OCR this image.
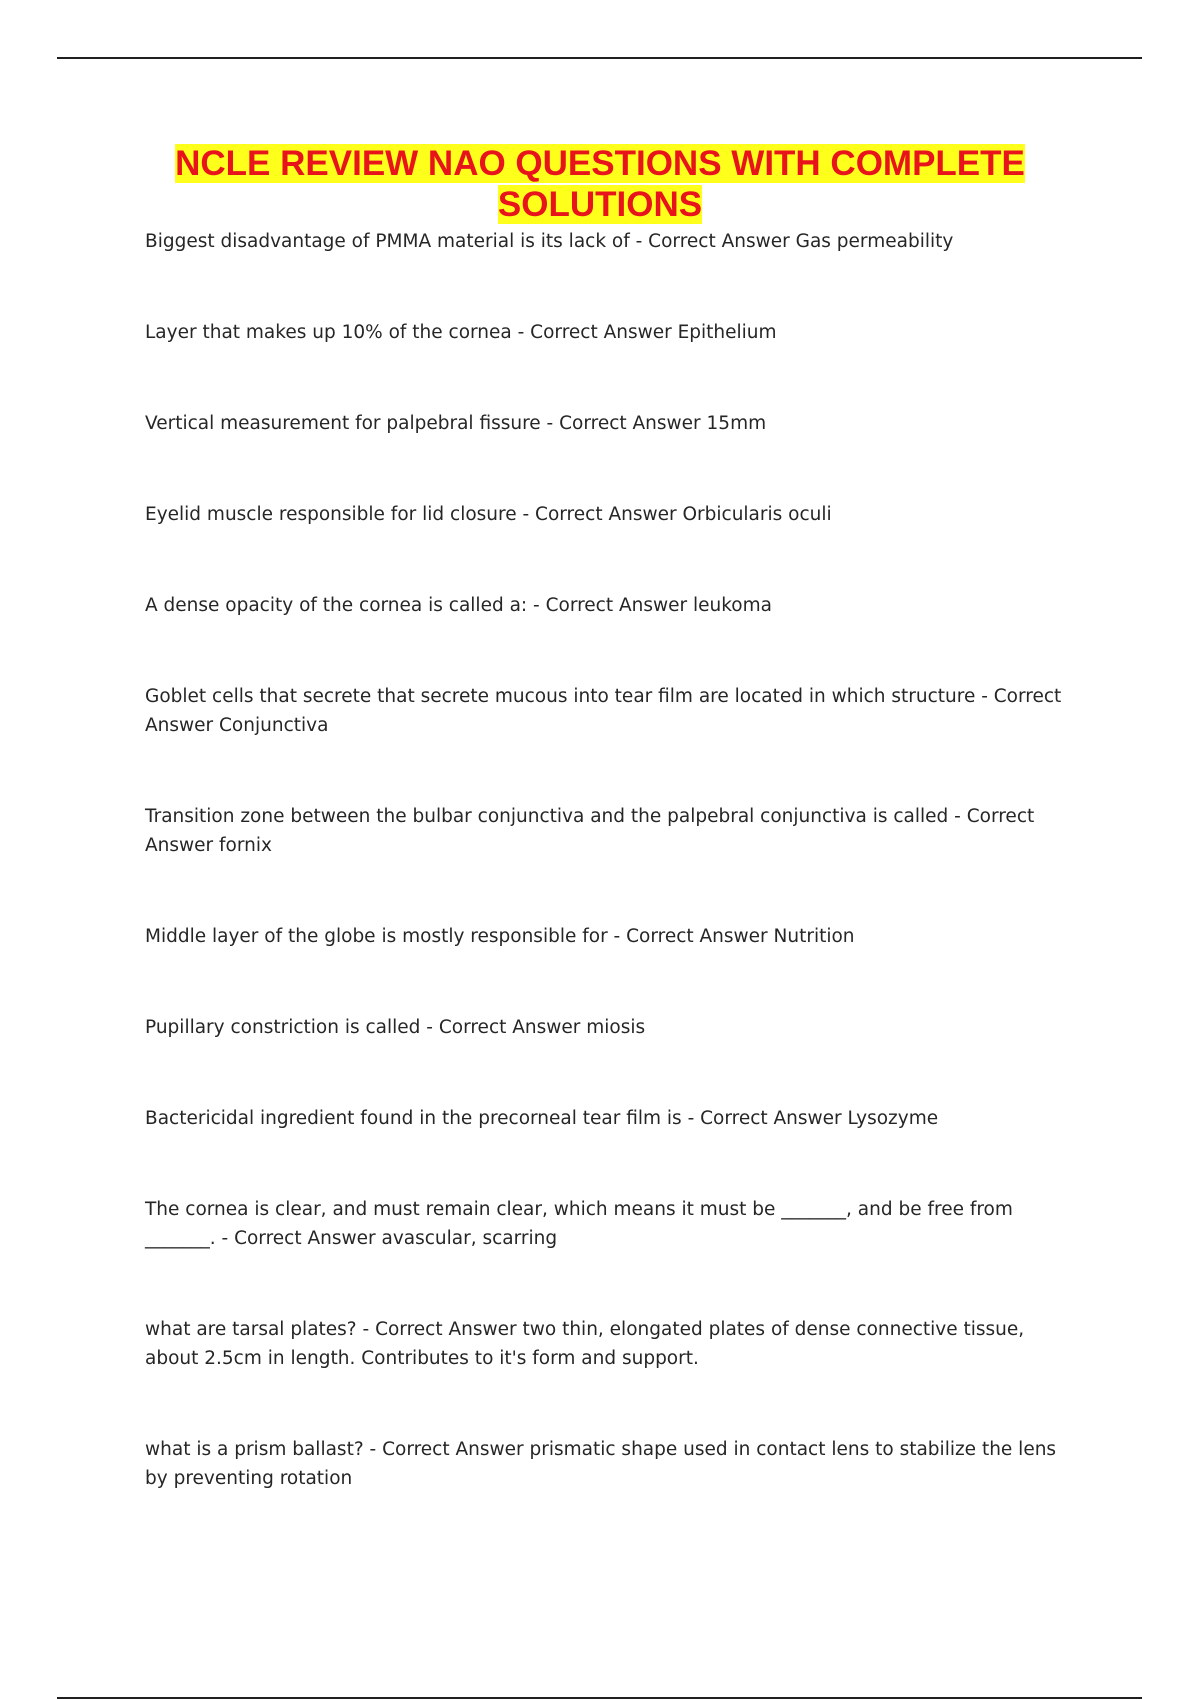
NCLE REVIEW NAO QUESTIONS WITH COMPLETE SOLUTIONS
Biggest disadvantage of PMMA material is its lack of - Correct Answer Gas permeability
Layer that makes up 10% of the cornea - Correct Answer Epithelium
Vertical measurement for palpebral fissure - Correct Answer 15mm
Eyelid muscle responsible for lid closure - Correct Answer Orbicularis oculi
A dense opacity of the cornea is called a: - Correct Answer leukoma
Goblet cells that secrete that secrete mucous into tear film are located in which structure - Correct Answer Conjunctiva
Transition zone between the bulbar conjunctiva and the palpebral conjunctiva is called - Correct Answer fornix
Middle layer of the globe is mostly responsible for - Correct Answer Nutrition
Pupillary constriction is called - Correct Answer miosis
Bactericidal ingredient found in the precorneal tear film is - Correct Answer Lysozyme
The cornea is clear, and must remain clear, which means it must be _______, and be free from _______. - Correct Answer avascular, scarring
what are tarsal plates? - Correct Answer two thin, elongated plates of dense connective tissue, about 2.5cm in length. Contributes to it's form and support.
what is a prism ballast? - Correct Answer prismatic shape used in contact lens to stabilize the lens by preventing rotation
